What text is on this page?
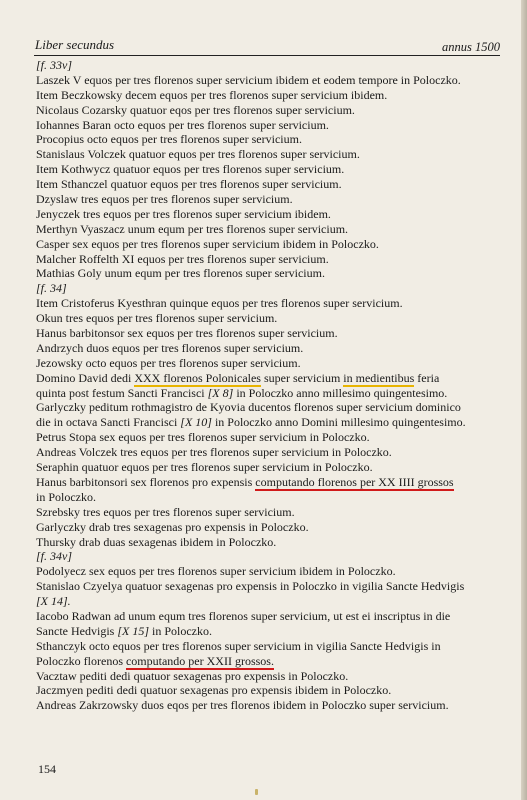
Liber secundus	annus 1500
[f. 33v]
Laszek V equos per tres florenos super servicium ibidem et eodem tempore in Poloczko.
Item Beczkowsky decem equos per tres florenos super servicium ibidem.
Nicolaus Cozarsky quatuor eqos per tres florenos super servicium.
Iohannes Baran octo equos per tres florenos super servicium.
Procopius octo equos per tres florenos super servicium.
Stanislaus Volczek quatuor equos per tres florenos super servicium.
Item Kothwycz quatuor equos per tres florenos super servicium.
Item Sthanczel quatuor equos per tres florenos super servicium.
Dzyslaw tres equos per tres florenos super servicium.
Jenyczek tres equos per tres florenos super servicium ibidem.
Merthyn Vyaszacz unum equm per tres florenos super servicium.
Casper sex equos per tres florenos super servicium ibidem in Poloczko.
Malcher Roffelth XI equos per tres florenos super servicium.
Mathias Goly unum equm per tres florenos super servicium.
[f. 34]
Item Cristoferus Kyesthran quinque equos per tres florenos super servicium.
Okun tres equos per tres florenos super servicium.
Hanus barbitonsor sex equos per tres florenos super servicium.
Andrzych duos equos per tres florenos super servicium.
Jezowsky octo equos per tres florenos super servicium.
Domino David dedi XXX florenos Polonicales super servicium in medientibus feria
quinta post festum Sancti Francisci [X 8] in Poloczko anno millesimo quingentesimo.
Garlyczky peditum rothmagistro de Kyovia ducentos florenos super servicium dominico
die in octava Sancti Francisci [X 10] in Poloczko anno Domini millesimo quingentesimo.
Petrus Stopa sex equos per tres florenos super servicium in Poloczko.
Andreas Volczek tres equos per tres florenos super servicium in Poloczko.
Seraphin quatuor equos per tres florenos super servicium in Poloczko.
Hanus barbitonsori sex florenos pro expensis computando florenos per XX IIII grossos
in Poloczko.
Szrebsky tres equos per tres florenos super servicium.
Garlyczky drab tres sexagenas pro expensis in Poloczko.
Thursky drab duas sexagenas ibidem in Poloczko.
[f. 34v]
Podolyecz sex equos per tres florenos super servicium ibidem in Poloczko.
Stanislao Czyelya quatuor sexagenas pro expensis in Poloczko in vigilia Sancte Hedvigis
[X 14].
Iacobo Radwan ad unum equm tres florenos super servicium, ut est ei inscriptus in die
Sancte Hedvigis [X 15] in Poloczko.
Sthanczyk octo equos per tres florenos super servicium in vigilia Sancte Hedvigis in
Poloczko florenos computando per XXII grossos.
Vacztaw pediti dedi quatuor sexagenas pro expensis in Poloczko.
Jaczmyen pediti dedi quatuor sexagenas pro expensis ibidem in Poloczko.
Andreas Zakrzowsky duos eqos per tres florenos ibidem in Poloczko super servicium.
154
